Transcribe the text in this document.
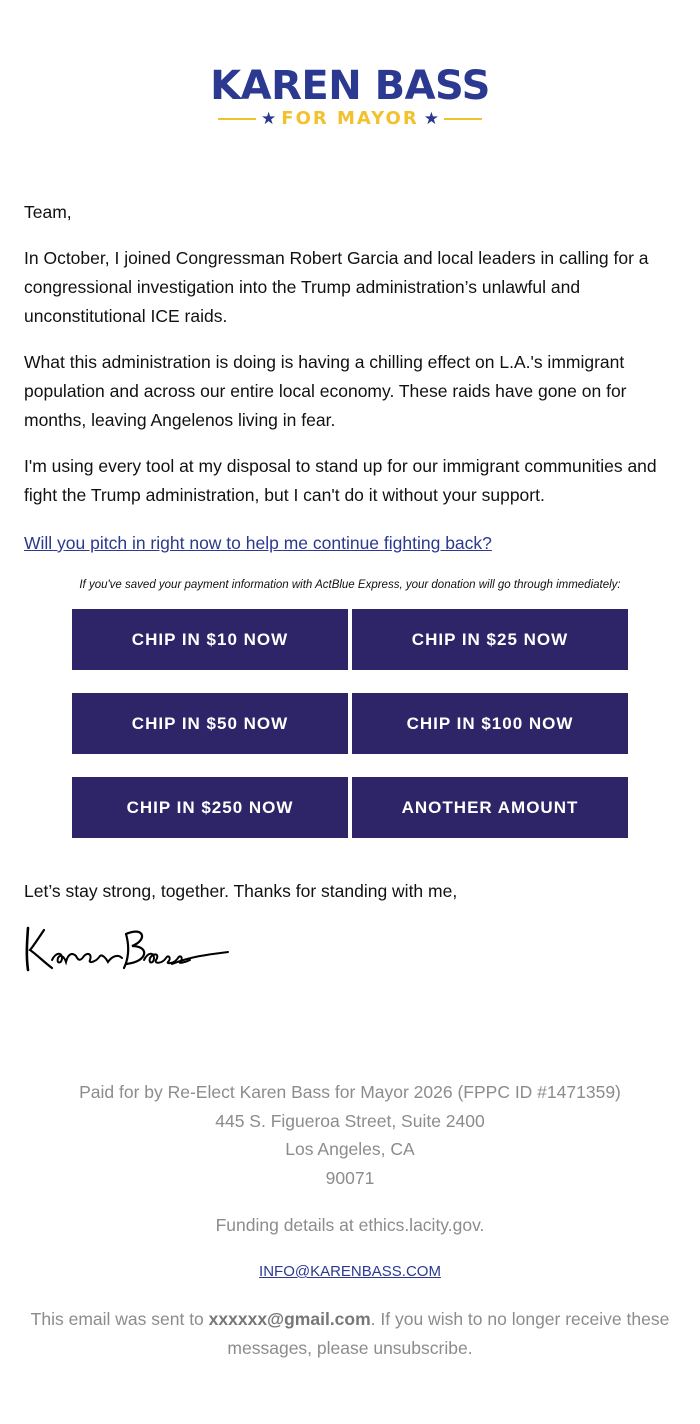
KAREN BASS
★ FOR MAYOR ★

Team,

In October, I joined Congressman Robert Garcia and local leaders in calling for a congressional investigation into the Trump administration’s unlawful and unconstitutional ICE raids.

What this administration is doing is having a chilling effect on L.A.'s immigrant population and across our entire local economy. These raids have gone on for months, leaving Angelenos living in fear.

I'm using every tool at my disposal to stand up for our immigrant communities and fight the Trump administration, but I can't do it without your support.

Will you pitch in right now to help me continue fighting back?
If you've saved your payment information with ActBlue Express, your donation will go through immediately:
CHIP IN $10 NOW	CHIP IN $25 NOW
CHIP IN $50 NOW	CHIP IN $100 NOW
CHIP IN $250 NOW	ANOTHER AMOUNT

Let’s stay strong, together. Thanks for standing with me,

Paid for by Re-Elect Karen Bass for Mayor 2026 (FPPC ID #1471359)

445 S. Figueroa Street, Suite 2400

Los Angeles, CA

90071

Funding details at ethics.lacity.gov.

INFO@KARENBASS.COM

This email was sent to xxxxxx@gmail.com. If you wish to no longer receive these messages, please unsubscribe.
